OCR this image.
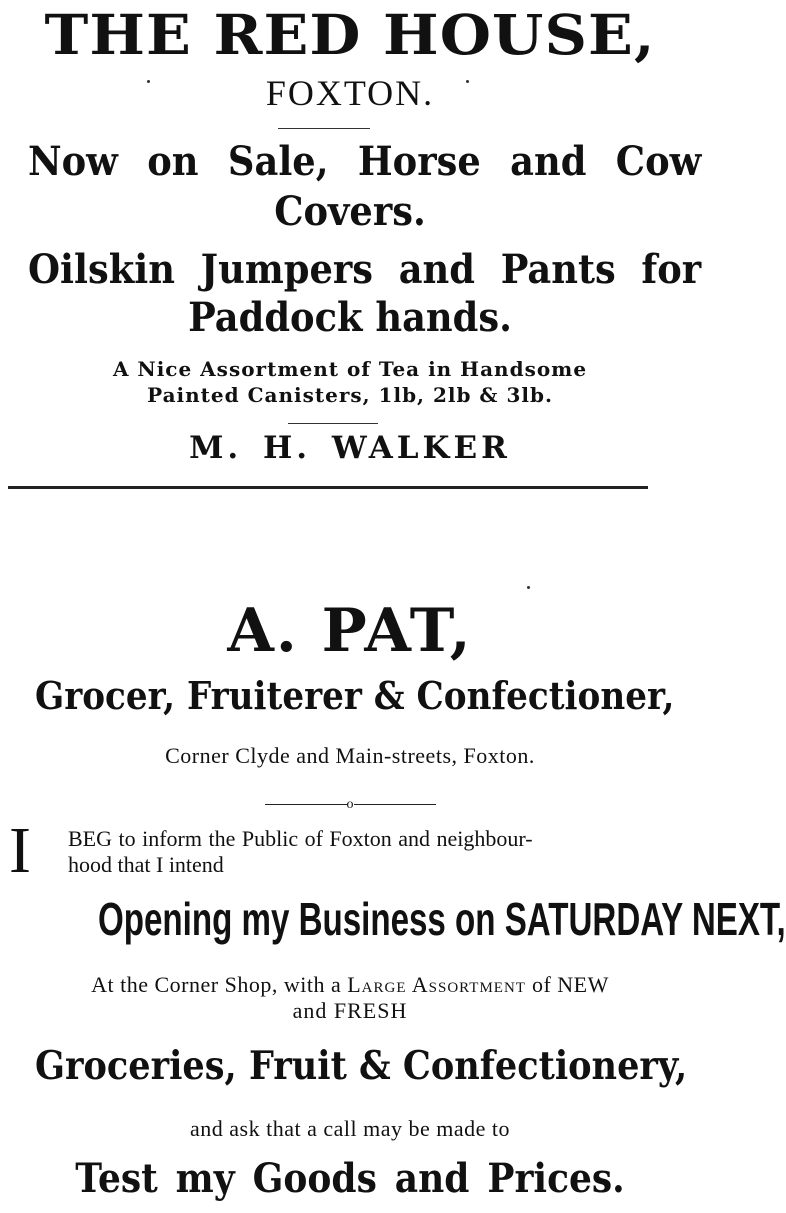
THE RED HOUSE,
FOXTON.
Now on Sale, Horse and Cow
Covers.
Oilskin Jumpers and Pants for
Paddock hands.
A Nice Assortment of Tea in Handsome
Painted Canisters, 1lb, 2lb & 3lb.
M. H. WALKER
A. PAT,
Grocer, Fruiterer & Confectioner,
Corner Clyde and Main-streets, Foxton.
o
I BEG to inform the Public of Foxton and neighbour-
hood that I intend
Opening my Business on SATURDAY NEXT,
At the Corner Shop, with a Large Assortment of NEW
and FRESH
Groceries, Fruit & Confectionery,
and ask that a call may be made to
Test my Goods and Prices.
